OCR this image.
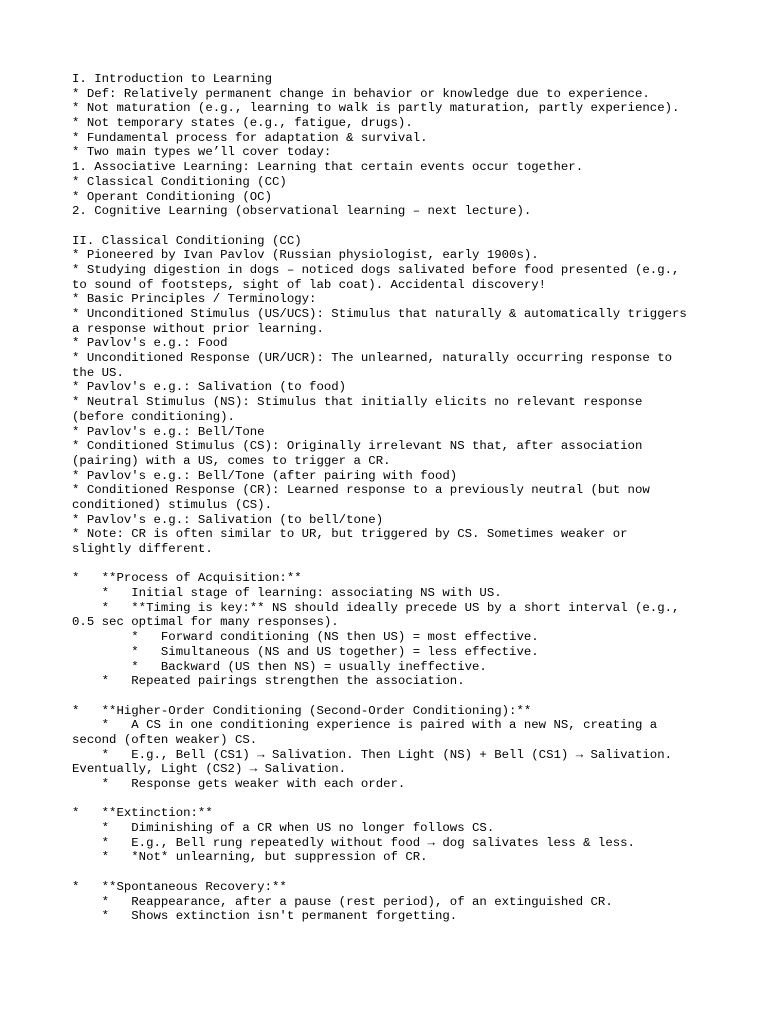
I. Introduction to Learning
* Def: Relatively permanent change in behavior or knowledge due to experience.
* Not maturation (e.g., learning to walk is partly maturation, partly experience).
* Not temporary states (e.g., fatigue, drugs).
* Fundamental process for adaptation & survival.
* Two main types we’ll cover today:
1. Associative Learning: Learning that certain events occur together.
* Classical Conditioning (CC)
* Operant Conditioning (OC)
2. Cognitive Learning (observational learning – next lecture).
II. Classical Conditioning (CC)
* Pioneered by Ivan Pavlov (Russian physiologist, early 1900s).
* Studying digestion in dogs – noticed dogs salivated before food presented (e.g.,
to sound of footsteps, sight of lab coat). Accidental discovery!
* Basic Principles / Terminology:
* Unconditioned Stimulus (US/UCS): Stimulus that naturally & automatically triggers
a response without prior learning.
* Pavlov's e.g.: Food
* Unconditioned Response (UR/UCR): The unlearned, naturally occurring response to
the US.
* Pavlov's e.g.: Salivation (to food)
* Neutral Stimulus (NS): Stimulus that initially elicits no relevant response
(before conditioning).
* Pavlov's e.g.: Bell/Tone
* Conditioned Stimulus (CS): Originally irrelevant NS that, after association
(pairing) with a US, comes to trigger a CR.
* Pavlov's e.g.: Bell/Tone (after pairing with food)
* Conditioned Response (CR): Learned response to a previously neutral (but now
conditioned) stimulus (CS).
* Pavlov's e.g.: Salivation (to bell/tone)
* Note: CR is often similar to UR, but triggered by CS. Sometimes weaker or
slightly different.
*   **Process of Acquisition:**
*   Initial stage of learning: associating NS with US.
*   **Timing is key:** NS should ideally precede US by a short interval (e.g.,
0.5 sec optimal for many responses).
*   Forward conditioning (NS then US) = most effective.
*   Simultaneous (NS and US together) = less effective.
*   Backward (US then NS) = usually ineffective.
*   Repeated pairings strengthen the association.
*   **Higher-Order Conditioning (Second-Order Conditioning):**
*   A CS in one conditioning experience is paired with a new NS, creating a
second (often weaker) CS.
*   E.g., Bell (CS1) → Salivation. Then Light (NS) + Bell (CS1) → Salivation.
Eventually, Light (CS2) → Salivation.
*   Response gets weaker with each order.
*   **Extinction:**
*   Diminishing of a CR when US no longer follows CS.
*   E.g., Bell rung repeatedly without food → dog salivates less & less.
*   *Not* unlearning, but suppression of CR.
*   **Spontaneous Recovery:**
*   Reappearance, after a pause (rest period), of an extinguished CR.
*   Shows extinction isn't permanent forgetting.
